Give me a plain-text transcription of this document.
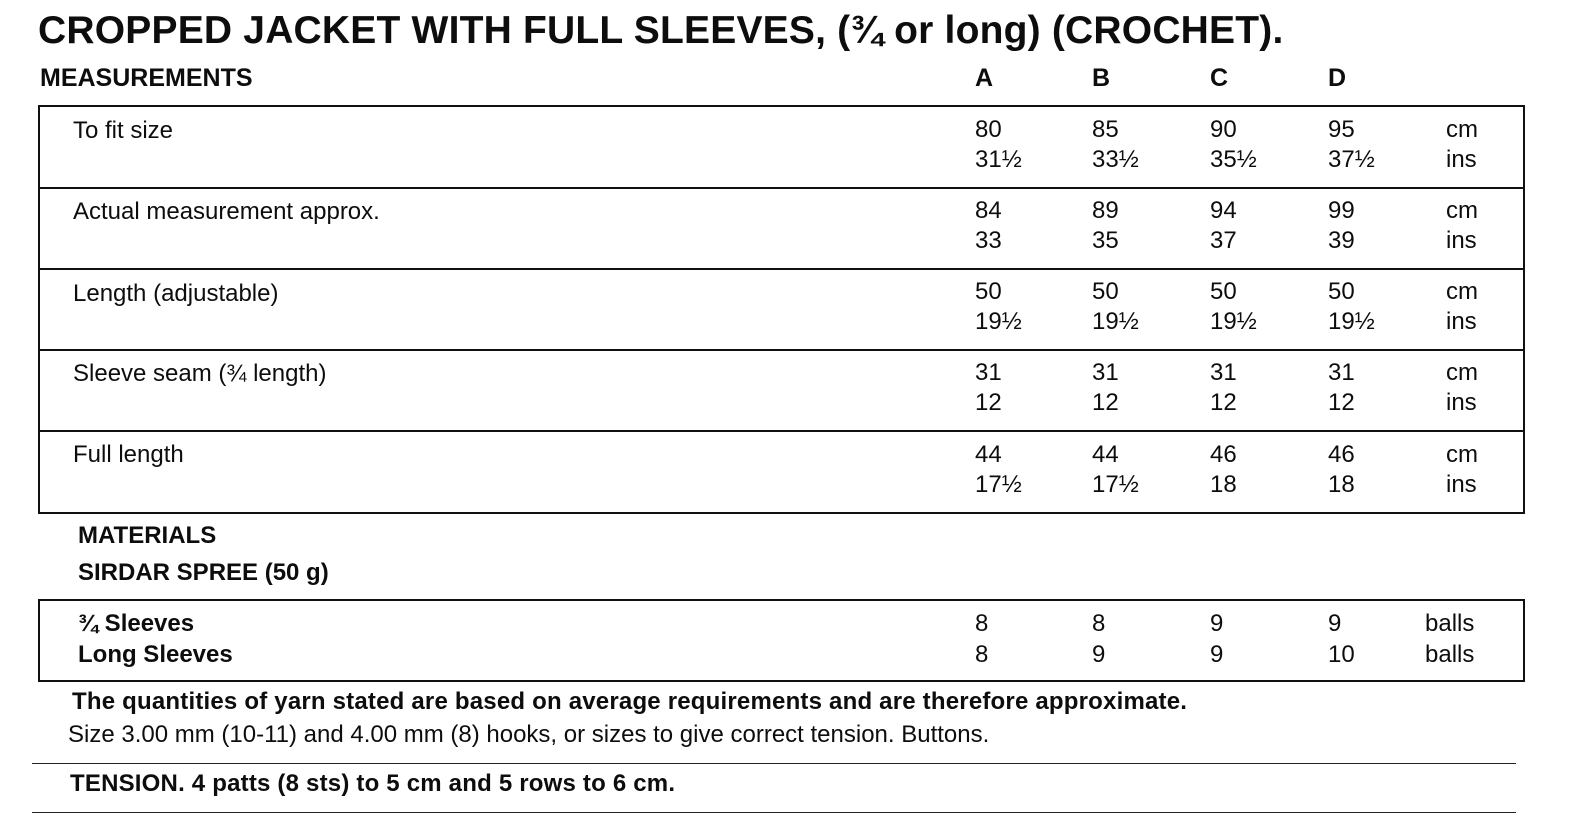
CROPPED JACKET WITH FULL SLEEVES, (¾ or long) (CROCHET).
MEASUREMENTS	A	B	C	D
To fit size	80	85	90	95	cm
31½	33½	35½	37½	ins
Actual measurement approx.	84	89	94	99	cm
33	35	37	39	ins
Length (adjustable)	50	50	50	50	cm
19½	19½	19½	19½	ins
Sleeve seam (¾ length)	31	31	31	31	cm
12	12	12	12	ins
Full length	44	44	46	46	cm
17½	17½	18	18	ins
MATERIALS
SIRDAR SPREE (50 g)
¾ Sleeves	8	8	9	9	balls
Long Sleeves	8	9	9	10	balls
The quantities of yarn stated are based on average requirements and are therefore approximate.
Size 3.00 mm (10-11) and 4.00 mm (8) hooks, or sizes to give correct tension. Buttons.
TENSION. 4 patts (8 sts) to 5 cm and 5 rows to 6 cm.
